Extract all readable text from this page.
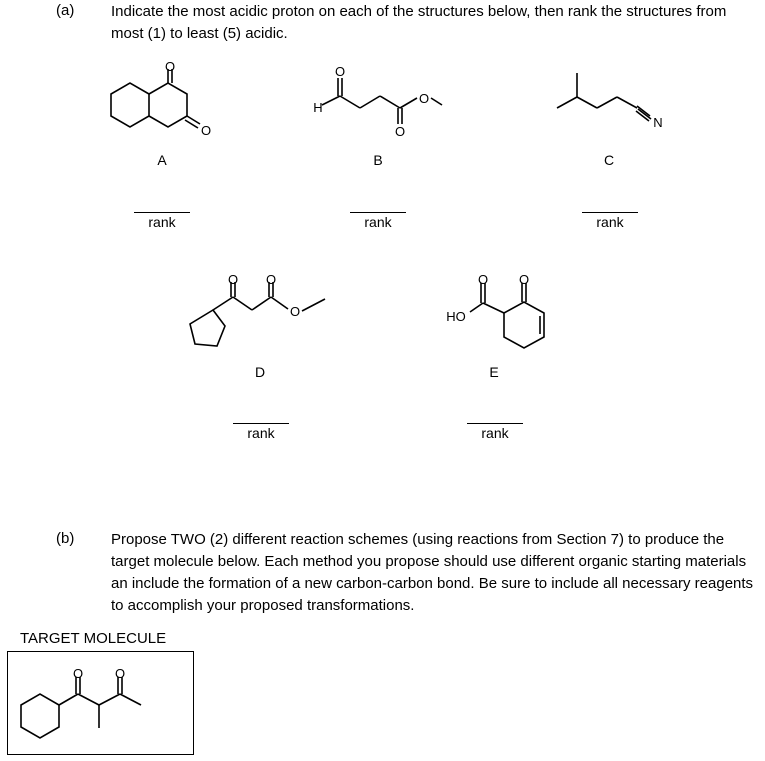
(a) Indicate the most acidic proton on each of the structures below, then rank the structures from
most (1) to least (5) acidic.
O
O
A
rank
H
O
O
O
B
rank
N
C
rank
O O
O
D
rank
HO
O O
E
rank
(b) Propose TWO (2) different reaction schemes (using reactions from Section 7) to produce the
target molecule below. Each method you propose should use different organic starting materials
an include the formation of a new carbon-carbon bond. Be sure to include all necessary reagents
to accomplish your proposed transformations.
TARGET MOLECULE
O O
